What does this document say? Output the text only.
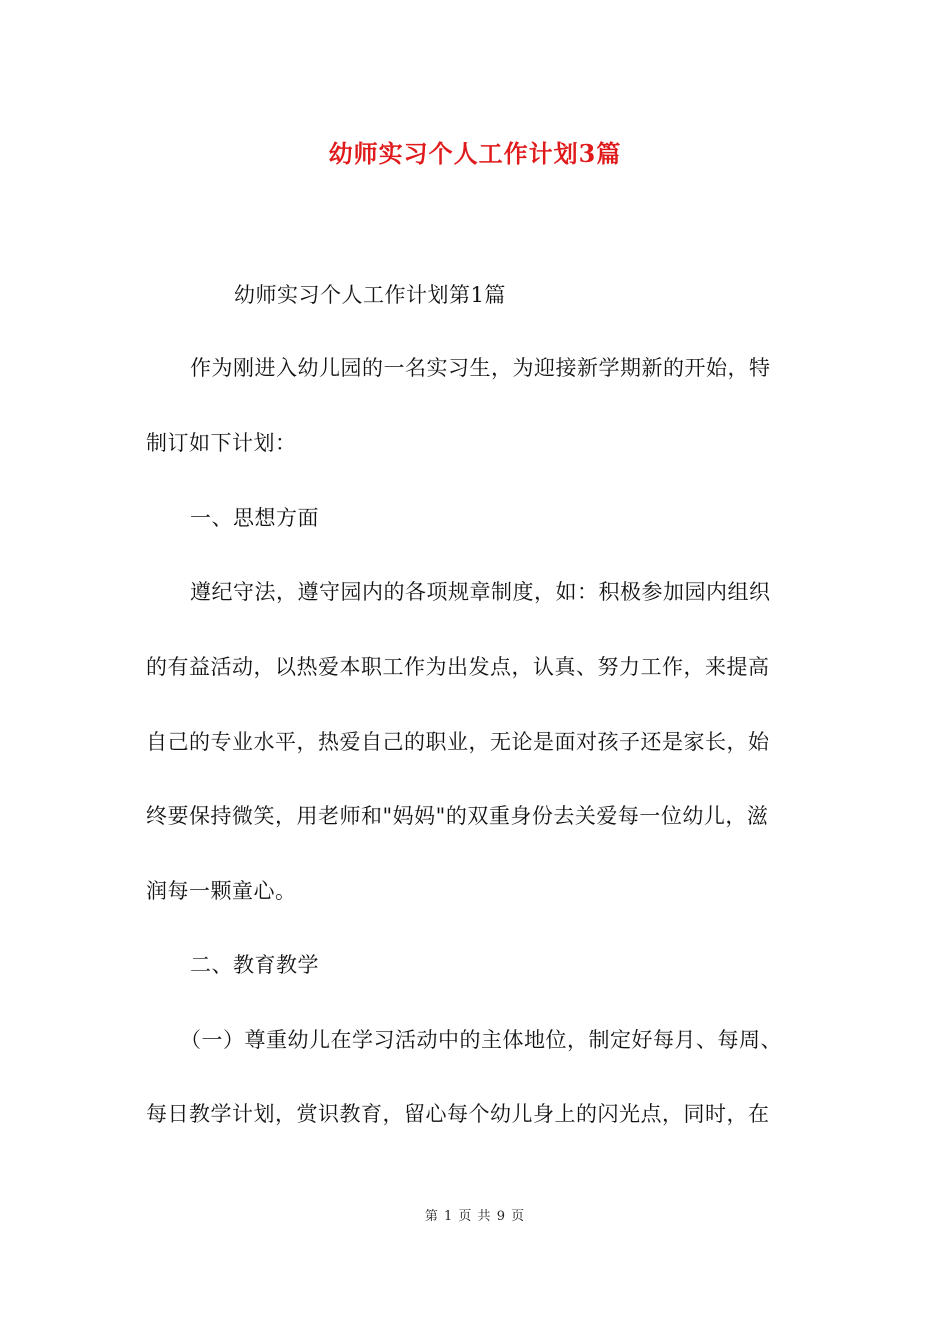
幼师实习个人工作计划3篇
幼师实习个人工作计划第1篇
作为刚进入幼儿园的一名实习生，为迎接新学期新的开始，特
制订如下计划：
一、思想方面
遵纪守法，遵守园内的各项规章制度，如：积极参加园内组织
的有益活动，以热爱本职工作为出发点，认真、努力工作，来提高
自己的专业水平，热爱自己的职业，无论是面对孩子还是家长，始
终要保持微笑，用老师和"妈妈"的双重身份去关爱每一位幼儿，滋
润每一颗童心。
二、教育教学
（一）尊重幼儿在学习活动中的主体地位，制定好每月、每周、
每日教学计划，赏识教育，留心每个幼儿身上的闪光点，同时，在
第 1 页 共 9 页
